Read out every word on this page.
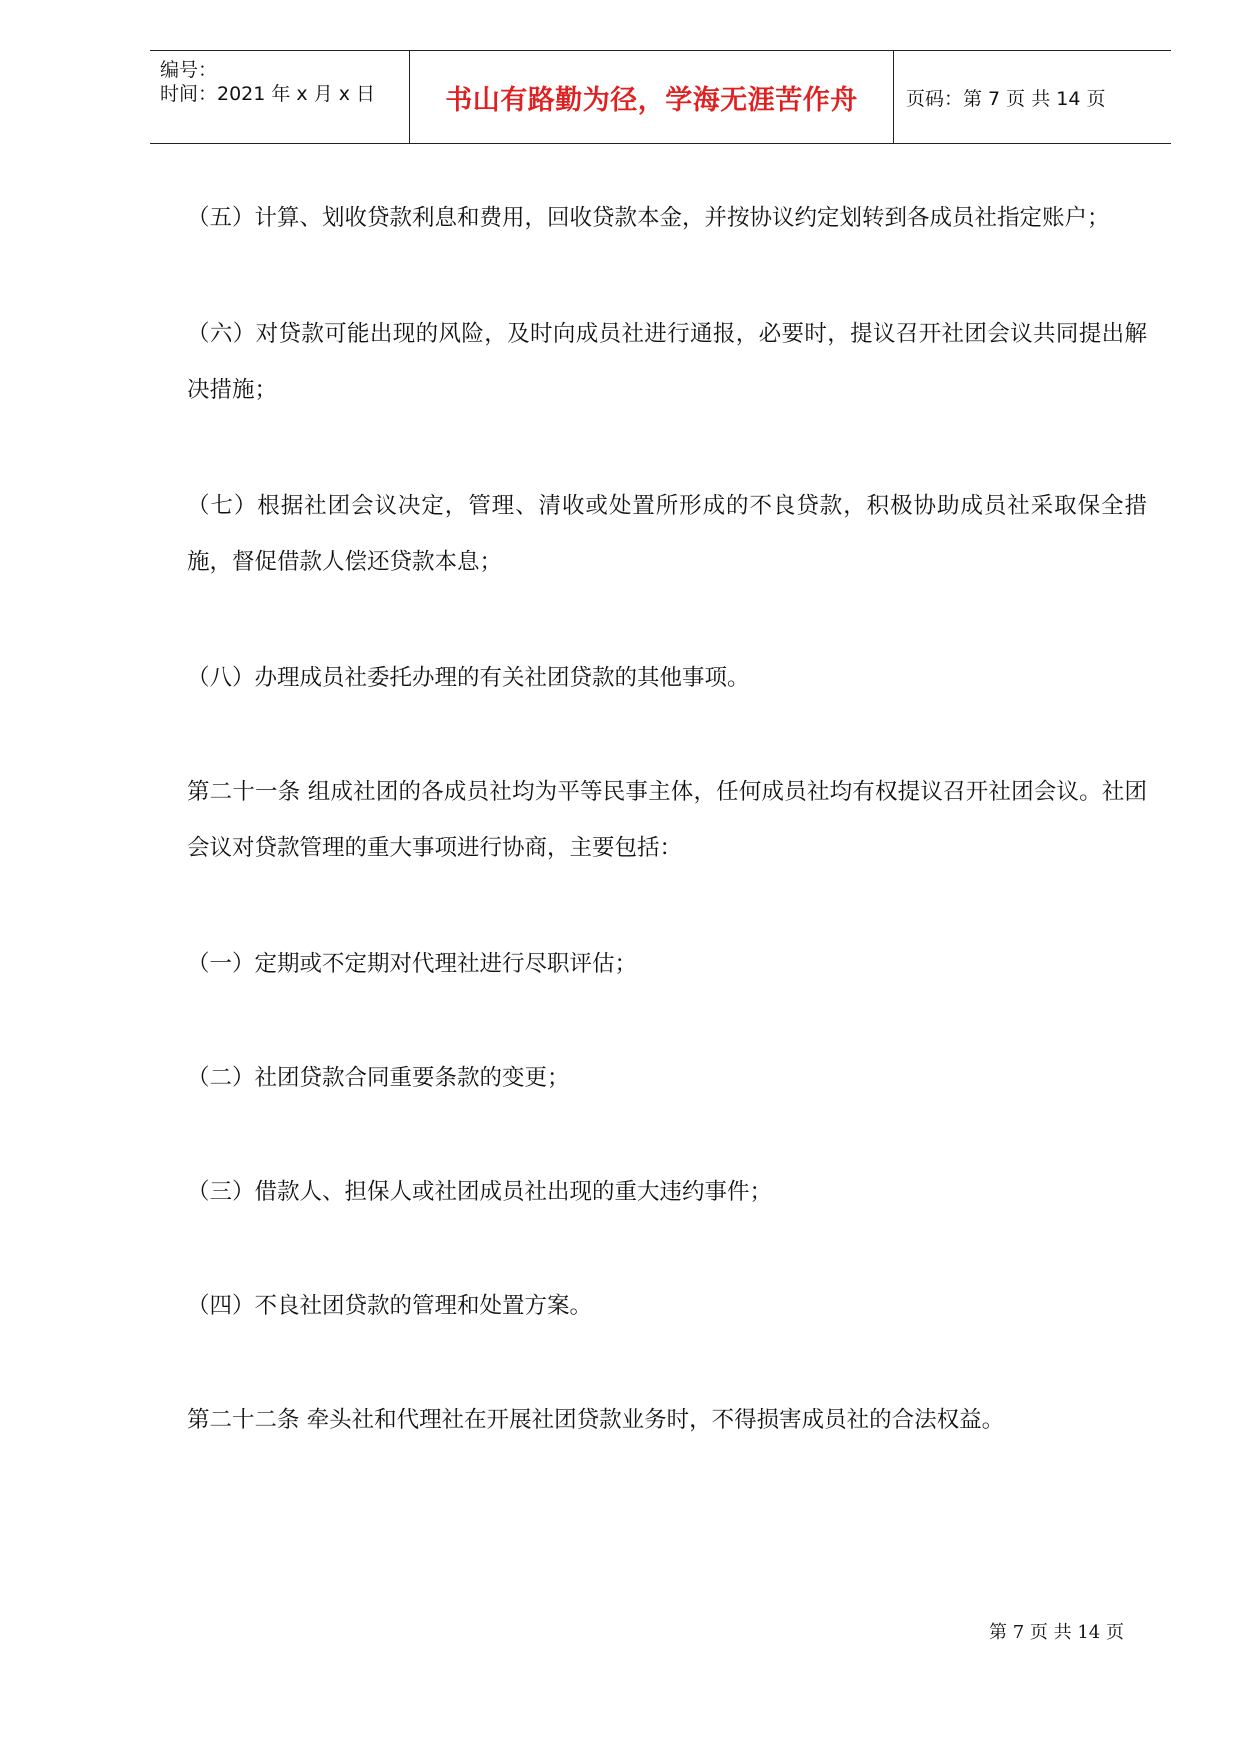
编号：
时间：2021 年 x 月 x 日	书山有路勤为径，学海无涯苦作舟	页码：第 7 页 共 14 页

（五）计算、划收贷款利息和费用，回收贷款本金，并按协议约定划转到各成员社指定账户；

（六）对贷款可能出现的风险，及时向成员社进行通报，必要时，提议召开社团会议共同提出解决措施；

（七）根据社团会议决定，管理、清收或处置所形成的不良贷款，积极协助成员社采取保全措施，督促借款人偿还贷款本息；

（八）办理成员社委托办理的有关社团贷款的其他事项。

第二十一条 组成社团的各成员社均为平等民事主体，任何成员社均有权提议召开社团会议。社团会议对贷款管理的重大事项进行协商，主要包括：

（一）定期或不定期对代理社进行尽职评估；

（二）社团贷款合同重要条款的变更；

（三）借款人、担保人或社团成员社出现的重大违约事件；

（四）不良社团贷款的管理和处置方案。

第二十二条 牵头社和代理社在开展社团贷款业务时，不得损害成员社的合法权益。

第 7 页 共 14 页
